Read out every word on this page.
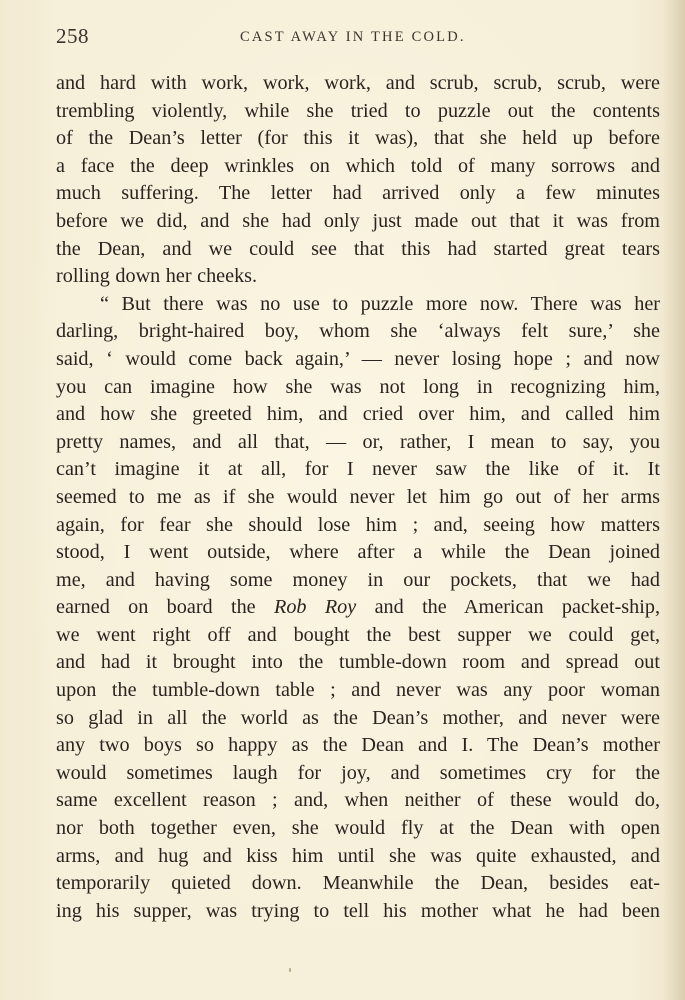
258	CAST AWAY IN THE COLD.

and hard with work, work, work, and scrub, scrub, scrub, were
trembling violently, while she tried to puzzle out the contents
of the Dean’s letter (for this it was), that she held up before
a face the deep wrinkles on which told of many sorrows and
much suffering. The letter had arrived only a few minutes
before we did, and she had only just made out that it was from
the Dean, and we could see that this had started great tears
rolling down her cheeks.

“ But there was no use to puzzle more now. There was her
darling, bright-haired boy, whom she ‘always felt sure,’ she
said, ‘ would come back again,’ — never losing hope ; and now
you can imagine how she was not long in recognizing him,
and how she greeted him, and cried over him, and called him
pretty names, and all that, — or, rather, I mean to say, you
can’t imagine it at all, for I never saw the like of it. It
seemed to me as if she would never let him go out of her arms
again, for fear she should lose him ; and, seeing how matters
stood, I went outside, where after a while the Dean joined
me, and having some money in our pockets, that we had
earned on board the Rob Roy and the American packet-ship,
we went right off and bought the best supper we could get,
and had it brought into the tumble-down room and spread out
upon the tumble-down table ; and never was any poor woman
so glad in all the world as the Dean’s mother, and never were
any two boys so happy as the Dean and I. The Dean’s mother
would sometimes laugh for joy, and sometimes cry for the
same excellent reason ; and, when neither of these would do,
nor both together even, she would fly at the Dean with open
arms, and hug and kiss him until she was quite exhausted, and
temporarily quieted down. Meanwhile the Dean, besides eat-
ing his supper, was trying to tell his mother what he had been
